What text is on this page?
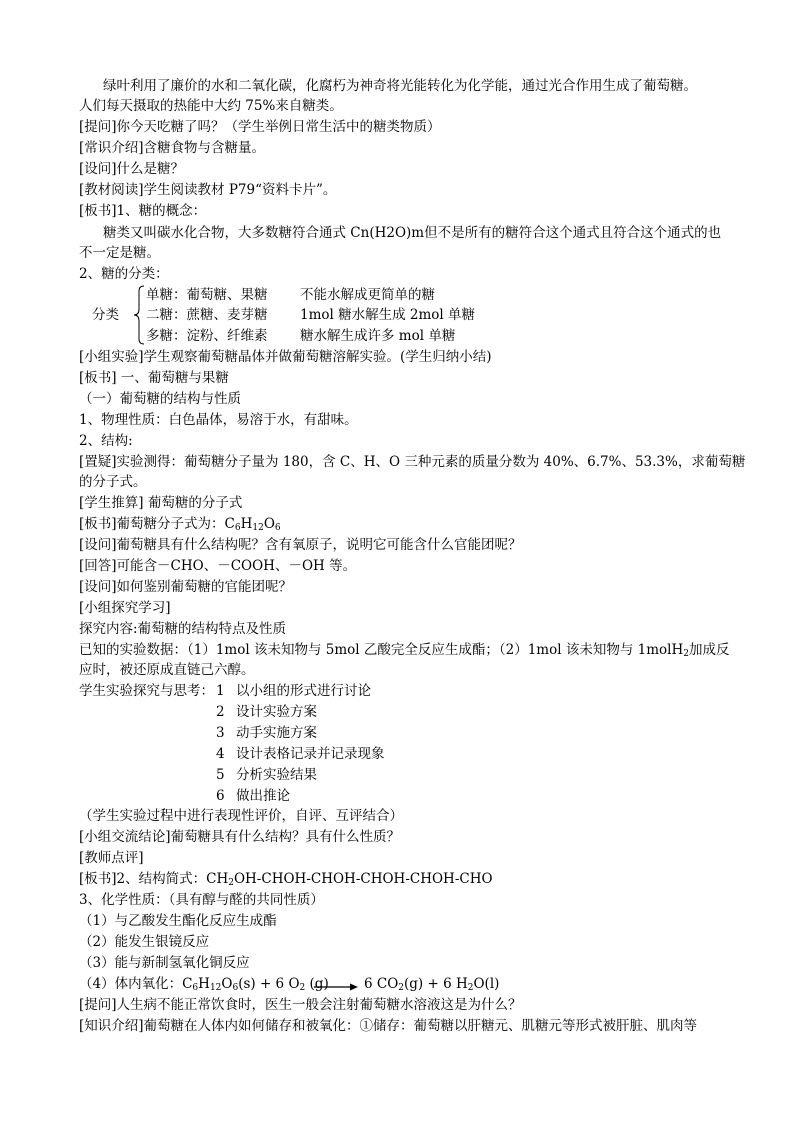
绿叶利用了廉价的水和二氧化碳，化腐朽为神奇将光能转化为化学能，通过光合作用生成了葡萄糖。
人们每天摄取的热能中大约 75%来自糖类。
[提问]你今天吃糖了吗？（学生举例日常生活中的糖类物质）
[常识介绍]含糖食物与含糖量。
[设问]什么是糖？
[教材阅读]学生阅读教材 P79“资料卡片”。
[板书]1、糖的概念：
糖类又叫碳水化合物，大多数糖符合通式 Cn(H2O)m但不是所有的糖符合这个通式且符合这个通式的也
不一定是糖。
2、糖的分类：
分类
单糖：葡萄糖、果糖 不能水解成更简单的糖
二糖：蔗糖、麦芽糖 1mol 糖水解生成 2mol 单糖
多糖：淀粉、纤维素 糖水解生成许多 mol 单糖
[小组实验]学生观察葡萄糖晶体并做葡萄糖溶解实验。(学生归纳小结)
[板书] 一、葡萄糖与果糖
（一）葡萄糖的结构与性质
1、物理性质：白色晶体，易溶于水，有甜味。
2、结构:
[置疑]实验测得：葡萄糖分子量为 180，含 C、H、O 三种元素的质量分数为 40%、6.7%、53.3%，求葡萄糖
的分子式。
[学生推算] 葡萄糖的分子式
[板书]葡萄糖分子式为：$C_6H_{12}O_6$
[设问]葡萄糖具有什么结构呢？含有氧原子，说明它可能含什么官能团呢？
[回答]可能含－CHO、－COOH、－OH 等。
[设问]如何鉴别葡萄糖的官能团呢？
[小组探究学习]
探究内容:葡萄糖的结构特点及性质
已知的实验数据：（1）1mol 该未知物与 5mol 乙酸完全反应生成酯；（2）1mol 该未知物与 1molH$_2$加成反
应时，被还原成直链己六醇。
学生实验探究与思考： 1 以小组的形式进行讨论
2 设计实验方案
3 动手实施方案
4 设计表格记录并记录现象
5 分析实验结果
6 做出推论
（学生实验过程中进行表现性评价，自评、互评结合）
[小组交流结论]葡萄糖具有什么结构？具有什么性质？
[教师点评]
[板书]2、结构简式：$CH_2OH-CHOH-CHOH-CHOH-CHOH$-CHO
3、化学性质：（具有醇与醛的共同性质）
（1）与乙酸发生酯化反应生成酯
（2）能发生银镜反应
（3）能与新制氢氧化铜反应
（4）体内氧化：$C_6H_{12}O_6(s) + 6$ $O_2$ (g) → 6 $CO_2(g) + 6$ $H_2O(l)$
[提问]人生病不能正常饮食时，医生一般会注射葡萄糖水溶液这是为什么？
[知识介绍]葡萄糖在人体内如何储存和被氧化：①储存：葡萄糖以肝糖元、肌糖元等形式被肝脏、肌肉等
